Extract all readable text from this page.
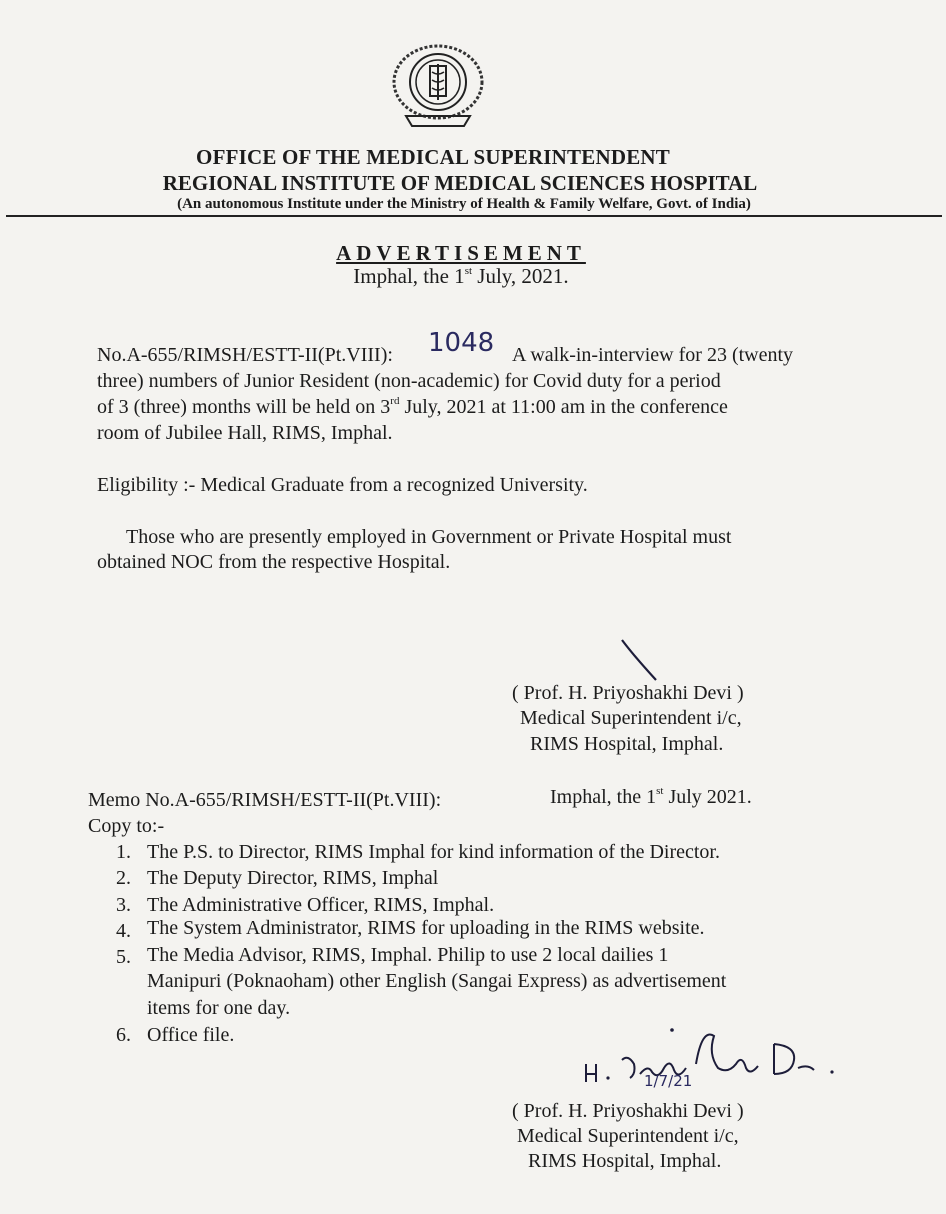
OFFICE OF THE MEDICAL SUPERINTENDENT
REGIONAL INSTITUTE OF MEDICAL SCIENCES HOSPITAL
(An autonomous Institute under the Ministry of Health & Family Welfare, Govt. of India)
ADVERTISEMENT
Imphal, the 1st July, 2021.
No.A-655/RIMSH/ESTT-II(Pt.VIII): 1048 A walk-in-interview for 23 (twenty
three) numbers of Junior Resident (non-academic) for Covid duty for a period
of 3 (three) months will be held on 3rd July, 2021 at 11:00 am in the conference
room of Jubilee Hall, RIMS, Imphal.
Eligibility :- Medical Graduate from a recognized University.
Those who are presently employed in Government or Private Hospital must
obtained NOC from the respective Hospital.
( Prof. H. Priyoshakhi Devi )
Medical Superintendent i/c,
RIMS Hospital, Imphal.
Memo No.A-655/RIMSH/ESTT-II(Pt.VIII):	Imphal, the 1st July 2021.
Copy to:-
1. The P.S. to Director, RIMS Imphal for kind information of the Director.
2. The Deputy Director, RIMS, Imphal
3. The Administrative Officer, RIMS, Imphal.
4. The System Administrator, RIMS for uploading in the RIMS website.
5. The Media Advisor, RIMS, Imphal. Philip to use 2 local dailies 1
Manipuri (Poknaoham) other English (Sangai Express) as advertisement
items for one day.
6. Office file.
1/7/21
( Prof. H. Priyoshakhi Devi )
Medical Superintendent i/c,
RIMS Hospital, Imphal.
